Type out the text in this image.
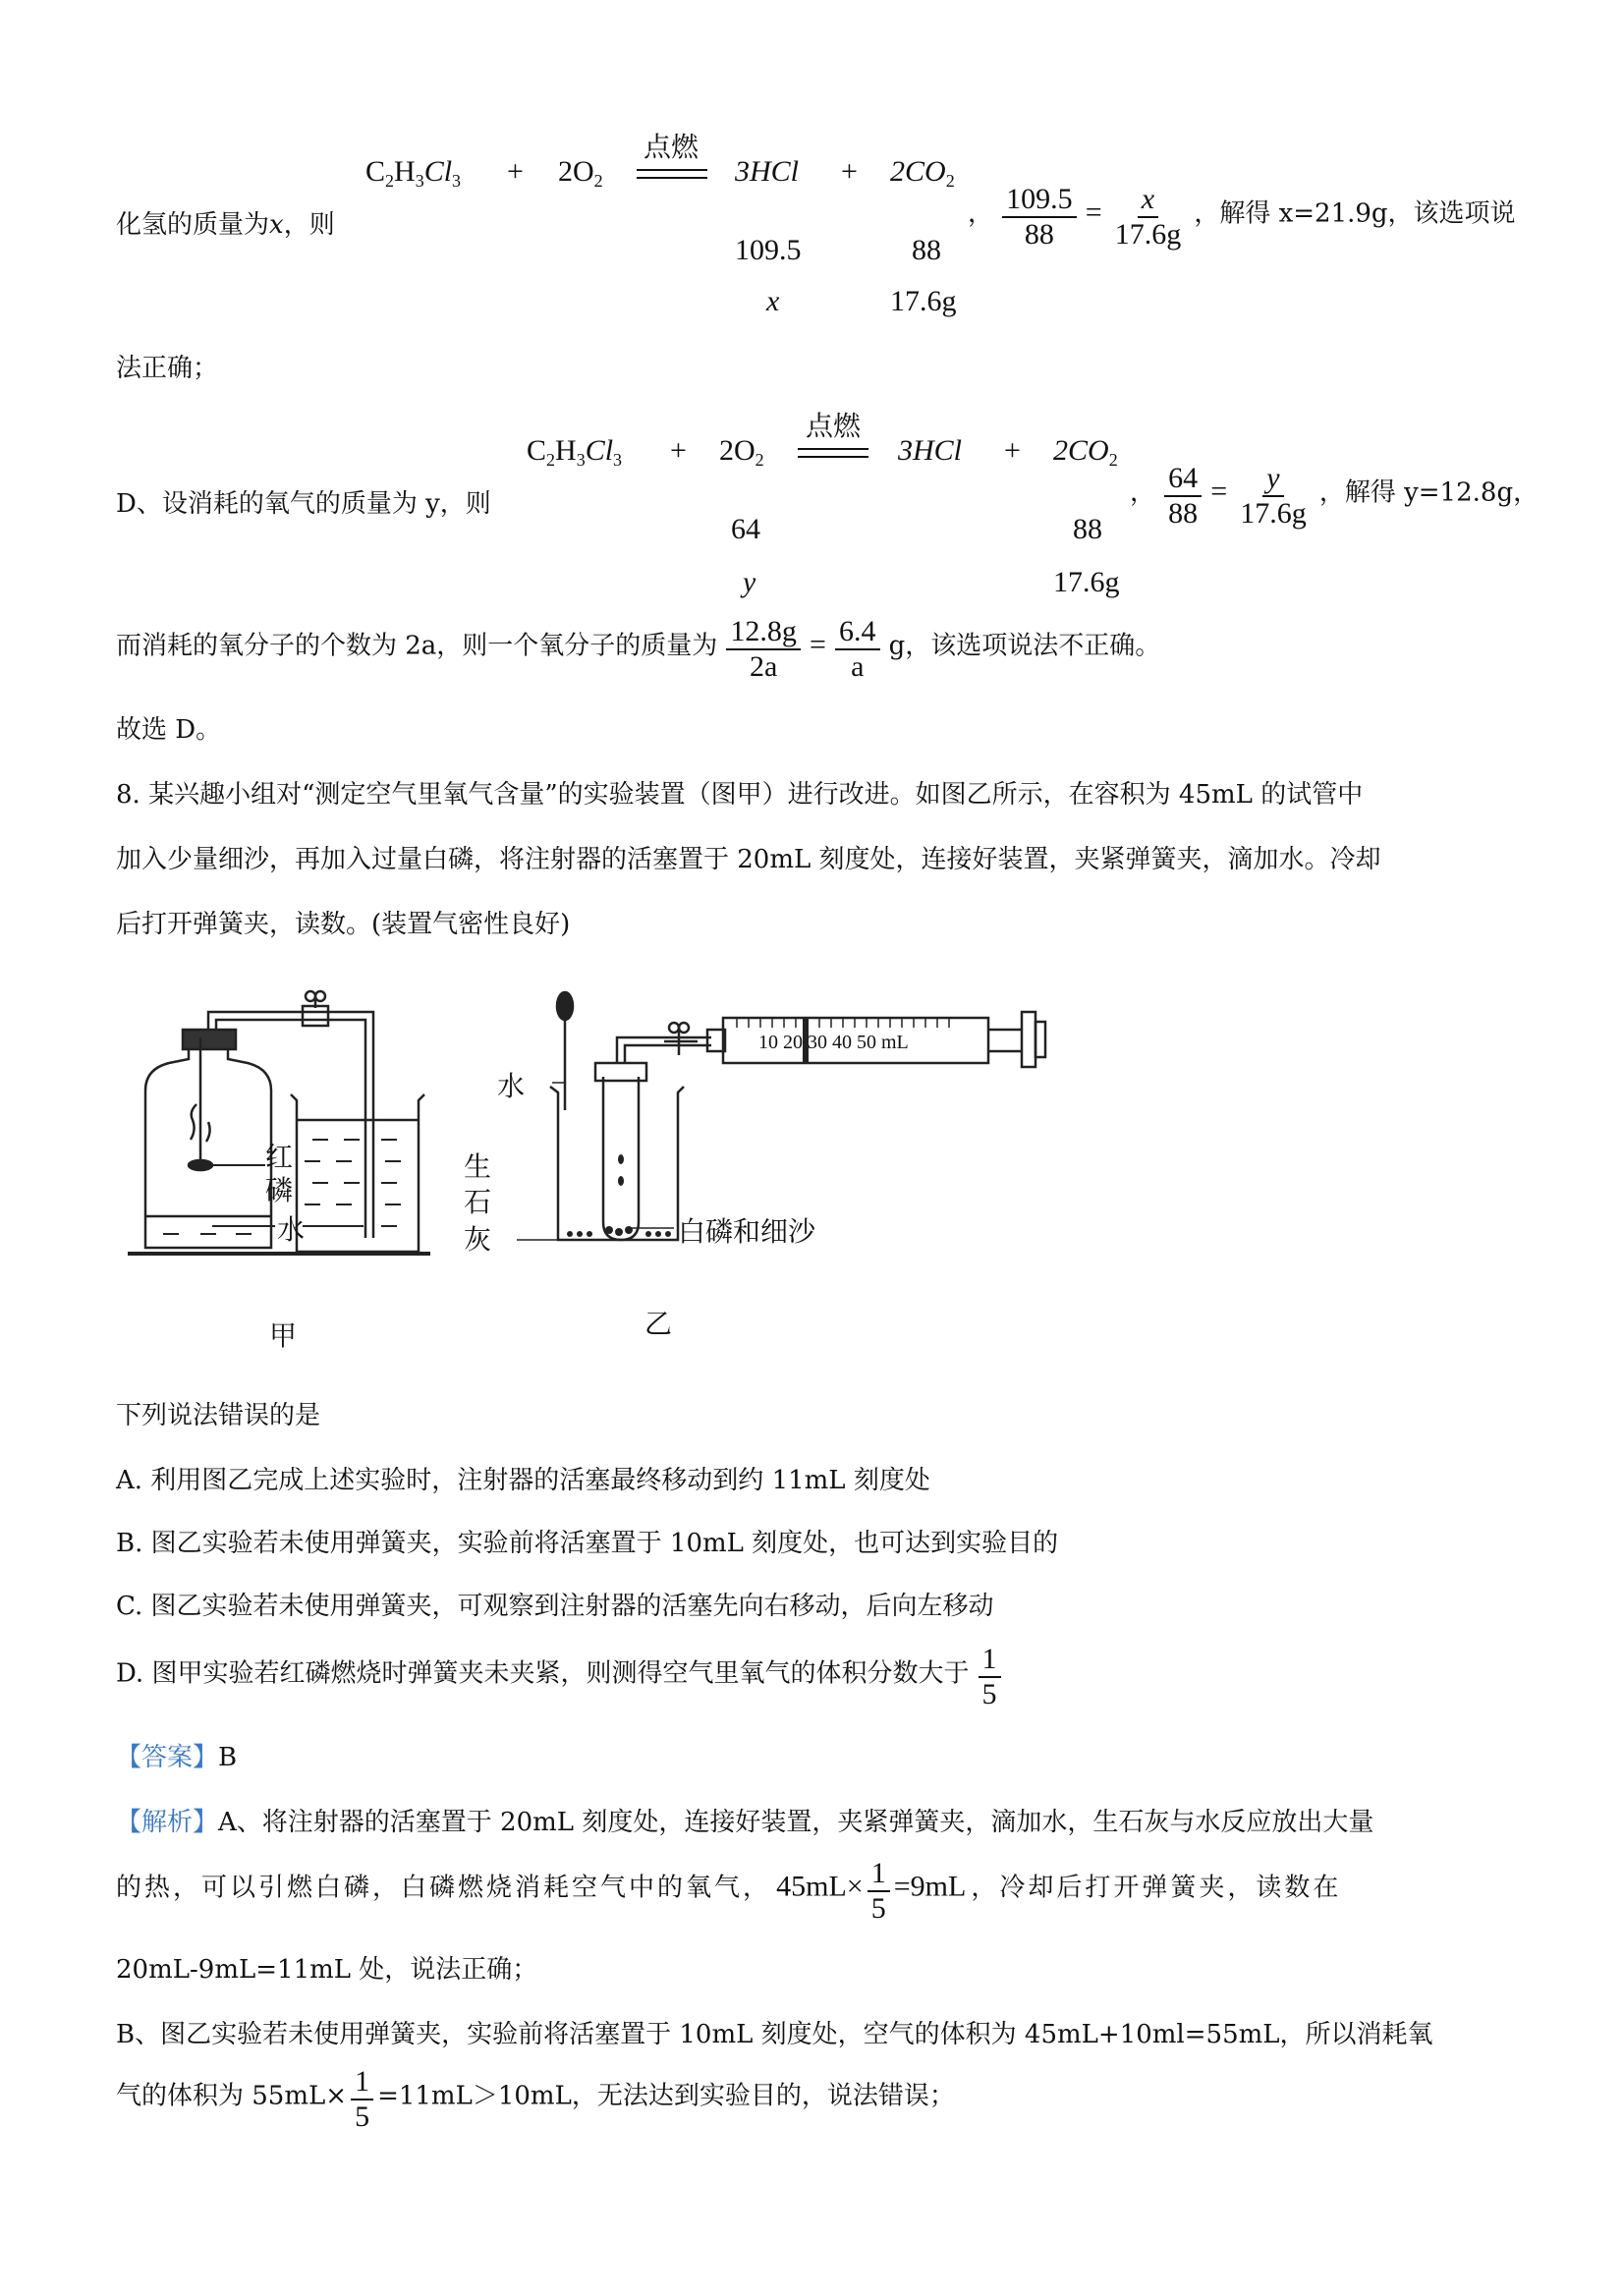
$C_2H_3Cl_3 + 2O_2$
点燃
$3HCl + 2CO_2$
化氢的质量为x，则
109.5	88
x	17.6g
， $\frac{109.5}{88} = \frac{x}{17.6g}$ ，解得 x=21.9g，该选项说
法正确；
$C_2H_3Cl_3 + 2O_2$
点燃
$3HCl + 2CO_2$
D、设消耗的氧气的质量为 y，则
64	88
y	17.6g
， $\frac{64}{88} = \frac{y}{17.6g}$ ，解得 y=12.8g，
而消耗的氧分子的个数为 2a，则一个氧分子的质量为 $\frac{12.8g}{2a} = \frac{6.4}{a}$ g，该选项说法不正确。
故选 D。
8. 某兴趣小组对“测定空气里氧气含量”的实验装置（图甲）进行改进。如图乙所示，在容积为 45mL 的试管中
加入少量细沙，再加入过量白磷，将注射器的活塞置于 20mL 刻度处，连接好装置，夹紧弹簧夹，滴加水。冷却
后打开弹簧夹，读数。(装置气密性良好)
红
磷
水
甲
水
生
石
灰	白磷和细沙
乙
10 20 30 40 50 mL
下列说法错误的是
A. 利用图乙完成上述实验时，注射器的活塞最终移动到约 11mL 刻度处
B. 图乙实验若未使用弹簧夹，实验前将活塞置于 10mL 刻度处，也可达到实验目的
C. 图乙实验若未使用弹簧夹，可观察到注射器的活塞先向右移动，后向左移动
D. 图甲实验若红磷燃烧时弹簧夹未夹紧，则测得空气里氧气的体积分数大于 $\frac{1}{5}$
【答案】B
【解析】A、将注射器的活塞置于 20mL 刻度处，连接好装置，夹紧弹簧夹，滴加水，生石灰与水反应放出大量
的热，可以引燃白磷，白磷燃烧消耗空气中的氧气， $45mL\times \frac{1}{5} =9mL$ ，冷却后打开弹簧夹，读数在
20mL-9mL=11mL 处，说法正确；
B、图乙实验若未使用弹簧夹，实验前将活塞置于 10mL 刻度处，空气的体积为 45mL+10ml=55mL，所以消耗氧
气的体积为 $55mL\times \frac{1}{5} =11mL>10mL$，无法达到实验目的，说法错误；
